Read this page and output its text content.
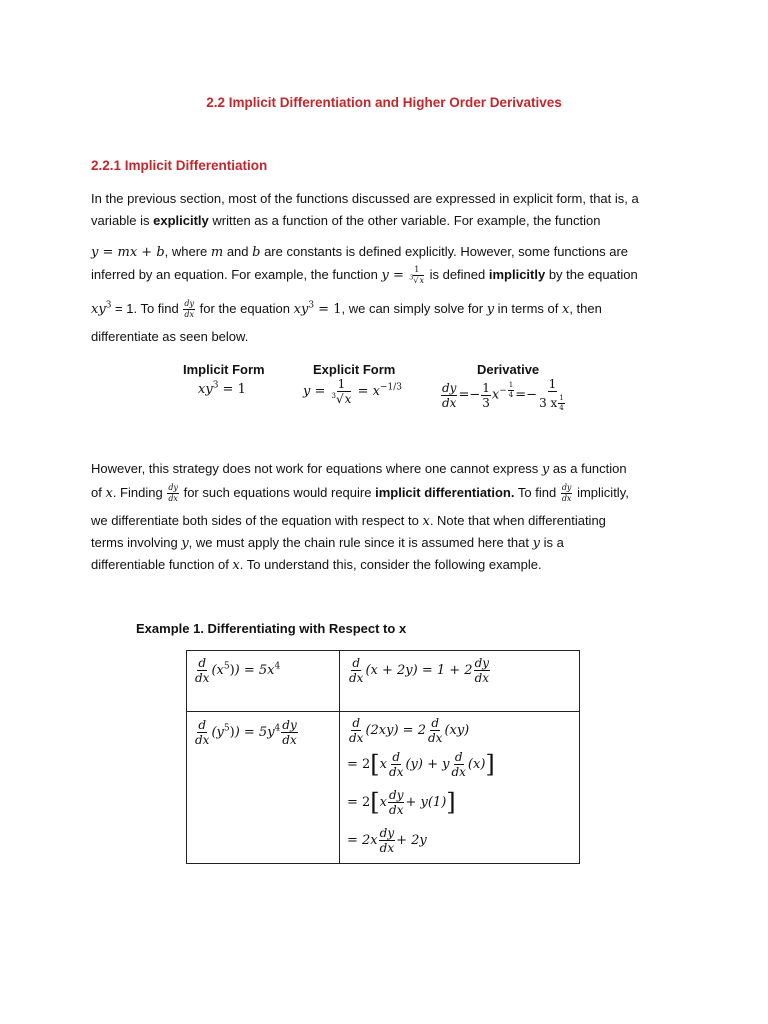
2.2 Implicit Differentiation and Higher Order Derivatives
2.2.1 Implicit Differentiation
In the previous section, most of the functions discussed are expressed in explicit form, that is, a
variable is explicitly written as a function of the other variable. For example, the function
y = mx + b, where m and b are constants is defined explicitly. However, some functions are
inferred by an equation. For example, the function $y = \frac{1}{^3√x}$ is defined implicitly by the equation
$xy^3 = 1$. To find $\frac{dy}{dx}$ for the equation $xy^3 = 1$, we can simply solve for y in terms of x, then
differentiate as seen below.
Implicit Form	Explicit Form	Derivative
$xy^3 = 1$	$y = \frac{1}{^3√x} = x^{-1/3}$	$\frac{dy}{dx} =- \frac{1}{3} x^{- \frac{1}{4}} =- \frac{1}{3 x \frac{1}{4}}$
However, this strategy does not work for equations where one cannot express y as a function
of x. Finding $\frac{dy}{dx}$ for such equations would require implicit differentiation. To find $\frac{dy}{dx}$ implicitly,
we differentiate both sides of the equation with respect to x. Note that when differentiating
terms involving y, we must apply the chain rule since it is assumed here that y is a
differentiable function of x. To understand this, consider the following example.
Example 1. Differentiating with Respect to x
$\frac{d}{dx} (x^5)) = 5x^4$	$\frac{d}{dx} (x + 2y) = 1 + 2 \frac{dy}{dx}$
$\frac{d}{dx} (y^5)) = 5y^4 \frac{dy}{dx}$	$\frac{d}{dx} (2xy) = 2 \frac{d}{dx} (xy)$
= $2[x \frac{d}{dx} (y) + y \frac{d}{dx} (x)]$
= $2[x \frac{dy}{dx} + y(1)]$
= $2x \frac{dy}{dx} + 2y$
